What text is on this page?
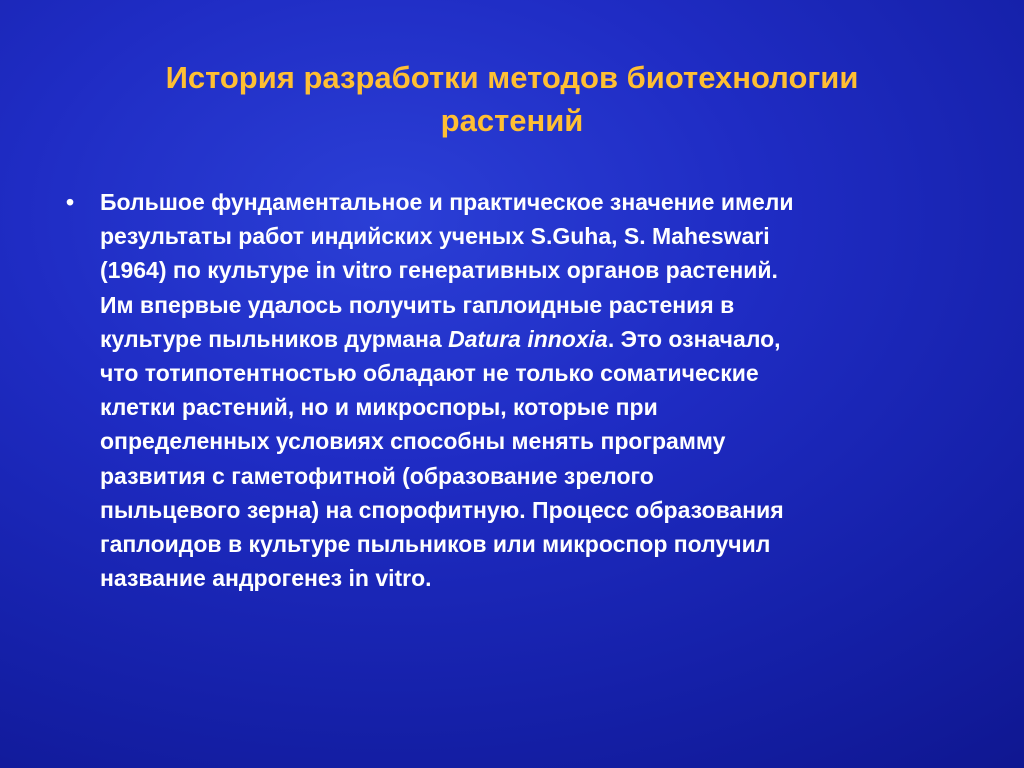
История разработки методов биотехнологии
растений
• Большое фундаментальное и практическое значение имели
результаты работ индийских ученых S.Guha, S. Maheswari
(1964) по культуре in vitro генеративных органов растений.
Им впервые удалось получить гаплоидные растения в
культуре пыльников дурмана Datura innoxia. Это означало,
что тотипотентностью обладают не только соматические
клетки растений, но и микроспоры, которые при
определенных условиях способны менять программу
развития с гаметофитной (образование зрелого
пыльцевого зерна) на спорофитную. Процесс образования
гаплоидов в культуре пыльников или микроспор получил
название андрогенез in vitro.
